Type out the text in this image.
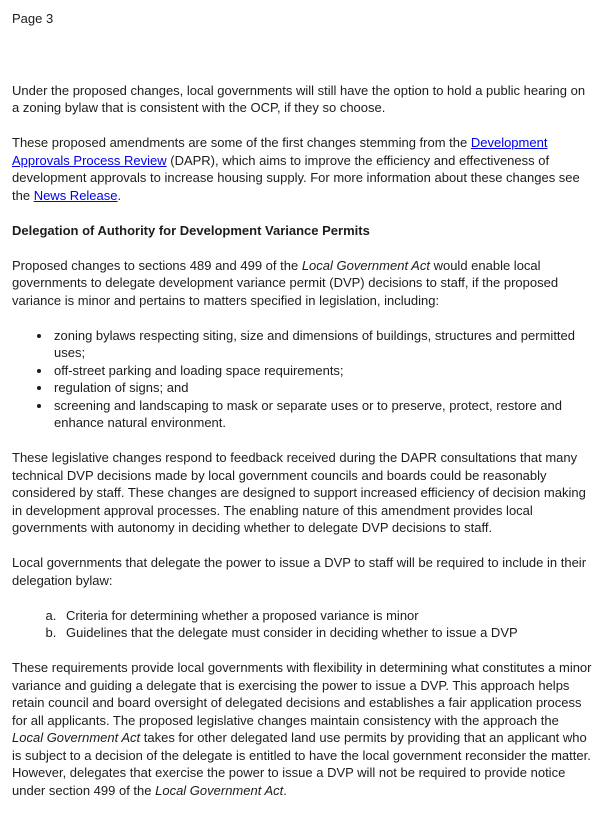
Page 3

Under the proposed changes, local governments will still have the option to hold a public hearing on a zoning bylaw that is consistent with the OCP, if they so choose.

These proposed amendments are some of the first changes stemming from the Development Approvals Process Review (DAPR), which aims to improve the efficiency and effectiveness of development approvals to increase housing supply. For more information about these changes see the News Release.

Delegation of Authority for Development Variance Permits

Proposed changes to sections 489 and 499 of the Local Government Act would enable local governments to delegate development variance permit (DVP) decisions to staff, if the proposed variance is minor and pertains to matters specified in legislation, including:

• zoning bylaws respecting siting, size and dimensions of buildings, structures and permitted uses;
• off-street parking and loading space requirements;
• regulation of signs; and
• screening and landscaping to mask or separate uses or to preserve, protect, restore and enhance natural environment.

These legislative changes respond to feedback received during the DAPR consultations that many technical DVP decisions made by local government councils and boards could be reasonably considered by staff. These changes are designed to support increased efficiency of decision making in development approval processes. The enabling nature of this amendment provides local governments with autonomy in deciding whether to delegate DVP decisions to staff.

Local governments that delegate the power to issue a DVP to staff will be required to include in their delegation bylaw:

a. Criteria for determining whether a proposed variance is minor
b. Guidelines that the delegate must consider in deciding whether to issue a DVP

These requirements provide local governments with flexibility in determining what constitutes a minor variance and guiding a delegate that is exercising the power to issue a DVP. This approach helps retain council and board oversight of delegated decisions and establishes a fair application process for all applicants. The proposed legislative changes maintain consistency with the approach the Local Government Act takes for other delegated land use permits by providing that an applicant who is subject to a decision of the delegate is entitled to have the local government reconsider the matter. However, delegates that exercise the power to issue a DVP will not be required to provide notice under section 499 of the Local Government Act.
